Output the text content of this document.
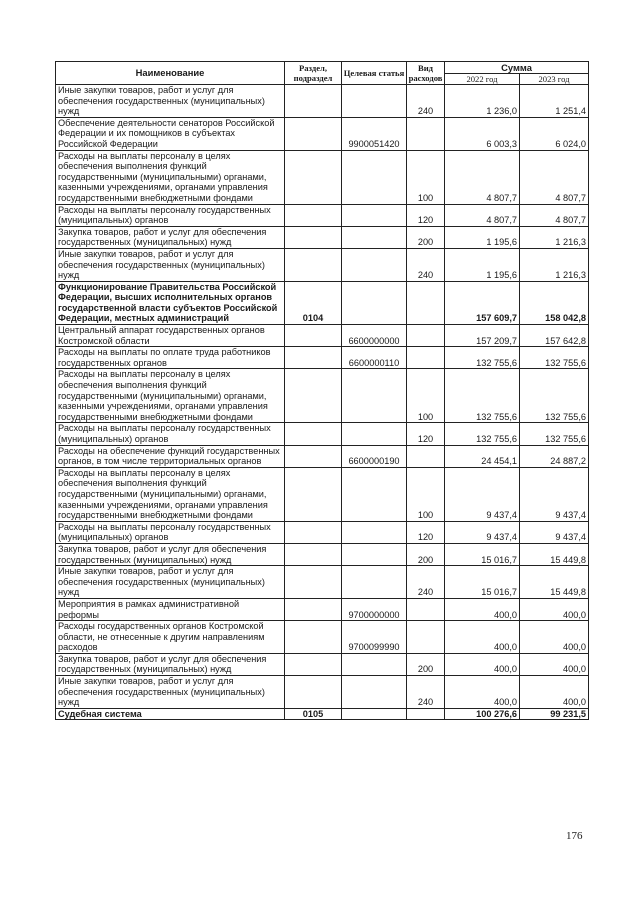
Наименование	Раздел, подраздел	Целевая статья	Вид расходов	Сумма	
				2022 год	2023 год
Иные закупки товаров, работ и услуг для обеспечения государственных (муниципальных) нужд			240	1 236,0	1 251,4
Обеспечение деятельности сенаторов Российской Федерации и их помощников в субъектах Российской Федерации		9900051420		6 003,3	6 024,0
Расходы на выплаты персоналу в целях обеспечения выполнения функций государственными (муниципальными) органами, казенными учреждениями, органами управления государственными внебюджетными фондами			100	4 807,7	4 807,7
Расходы на выплаты персоналу государственных (муниципальных) органов			120	4 807,7	4 807,7
Закупка товаров, работ и услуг для обеспечения государственных (муниципальных) нужд			200	1 195,6	1 216,3
Иные закупки товаров, работ и услуг для обеспечения государственных (муниципальных) нужд			240	1 195,6	1 216,3
Функционирование Правительства Российской Федерации, высших исполнительных органов государственной власти субъектов Российской Федерации, местных администраций	0104			157 609,7	158 042,8
Центральный аппарат государственных органов Костромской области		6600000000		157 209,7	157 642,8
Расходы на выплаты по оплате труда работников государственных органов		6600000110		132 755,6	132 755,6
Расходы на выплаты персоналу в целях обеспечения выполнения функций государственными (муниципальными) органами, казенными учреждениями, органами управления государственными внебюджетными фондами			100	132 755,6	132 755,6
Расходы на выплаты персоналу государственных (муниципальных) органов			120	132 755,6	132 755,6
Расходы на обеспечение функций государственных органов, в том числе территориальных органов		6600000190		24 454,1	24 887,2
Расходы на выплаты персоналу в целях обеспечения выполнения функций государственными (муниципальными) органами, казенными учреждениями, органами управления государственными внебюджетными фондами			100	9 437,4	9 437,4
Расходы на выплаты персоналу государственных (муниципальных) органов			120	9 437,4	9 437,4
Закупка товаров, работ и услуг для обеспечения государственных (муниципальных) нужд			200	15 016,7	15 449,8
Иные закупки товаров, работ и услуг для обеспечения государственных (муниципальных) нужд			240	15 016,7	15 449,8
Мероприятия в рамках административной реформы		9700000000		400,0	400,0
Расходы государственных органов Костромской области, не отнесенные к другим направлениям расходов		9700099990		400,0	400,0
Закупка товаров, работ и услуг для обеспечения государственных (муниципальных) нужд			200	400,0	400,0
Иные закупки товаров, работ и услуг для обеспечения государственных (муниципальных) нужд			240	400,0	400,0
Судебная система	0105			100 276,6	99 231,5
176
